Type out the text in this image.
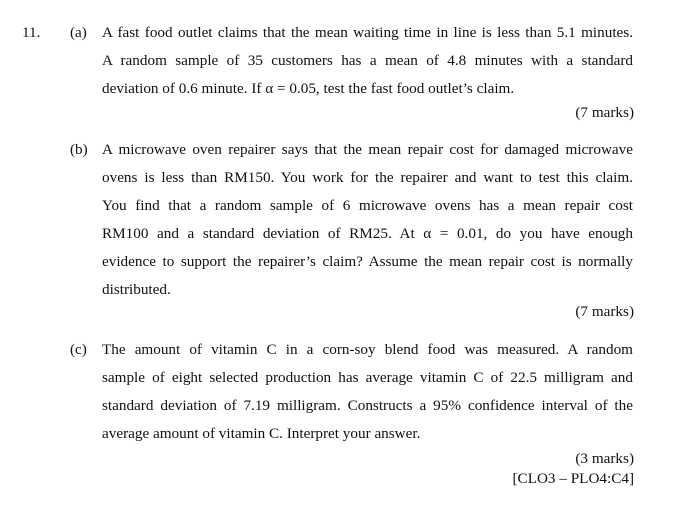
11. (a) A fast food outlet claims that the mean waiting time in line is less than 5.1 minutes.
A random sample of 35 customers has a mean of 4.8 minutes with a standard
deviation of 0.6 minute. If α = 0.05, test the fast food outlet’s claim.
(7 marks)
(b) A microwave oven repairer says that the mean repair cost for damaged microwave
ovens is less than RM150. You work for the repairer and want to test this claim.
You find that a random sample of 6 microwave ovens has a mean repair cost
RM100 and a standard deviation of RM25. At α = 0.01, do you have enough
evidence to support the repairer’s claim? Assume the mean repair cost is normally
distributed.
(7 marks)
(c) The amount of vitamin C in a corn-soy blend food was measured. A random
sample of eight selected production has average vitamin C of 22.5 milligram and
standard deviation of 7.19 milligram. Constructs a 95% confidence interval of the
average amount of vitamin C. Interpret your answer.
(3 marks)
[CLO3 – PLO4:C4]
